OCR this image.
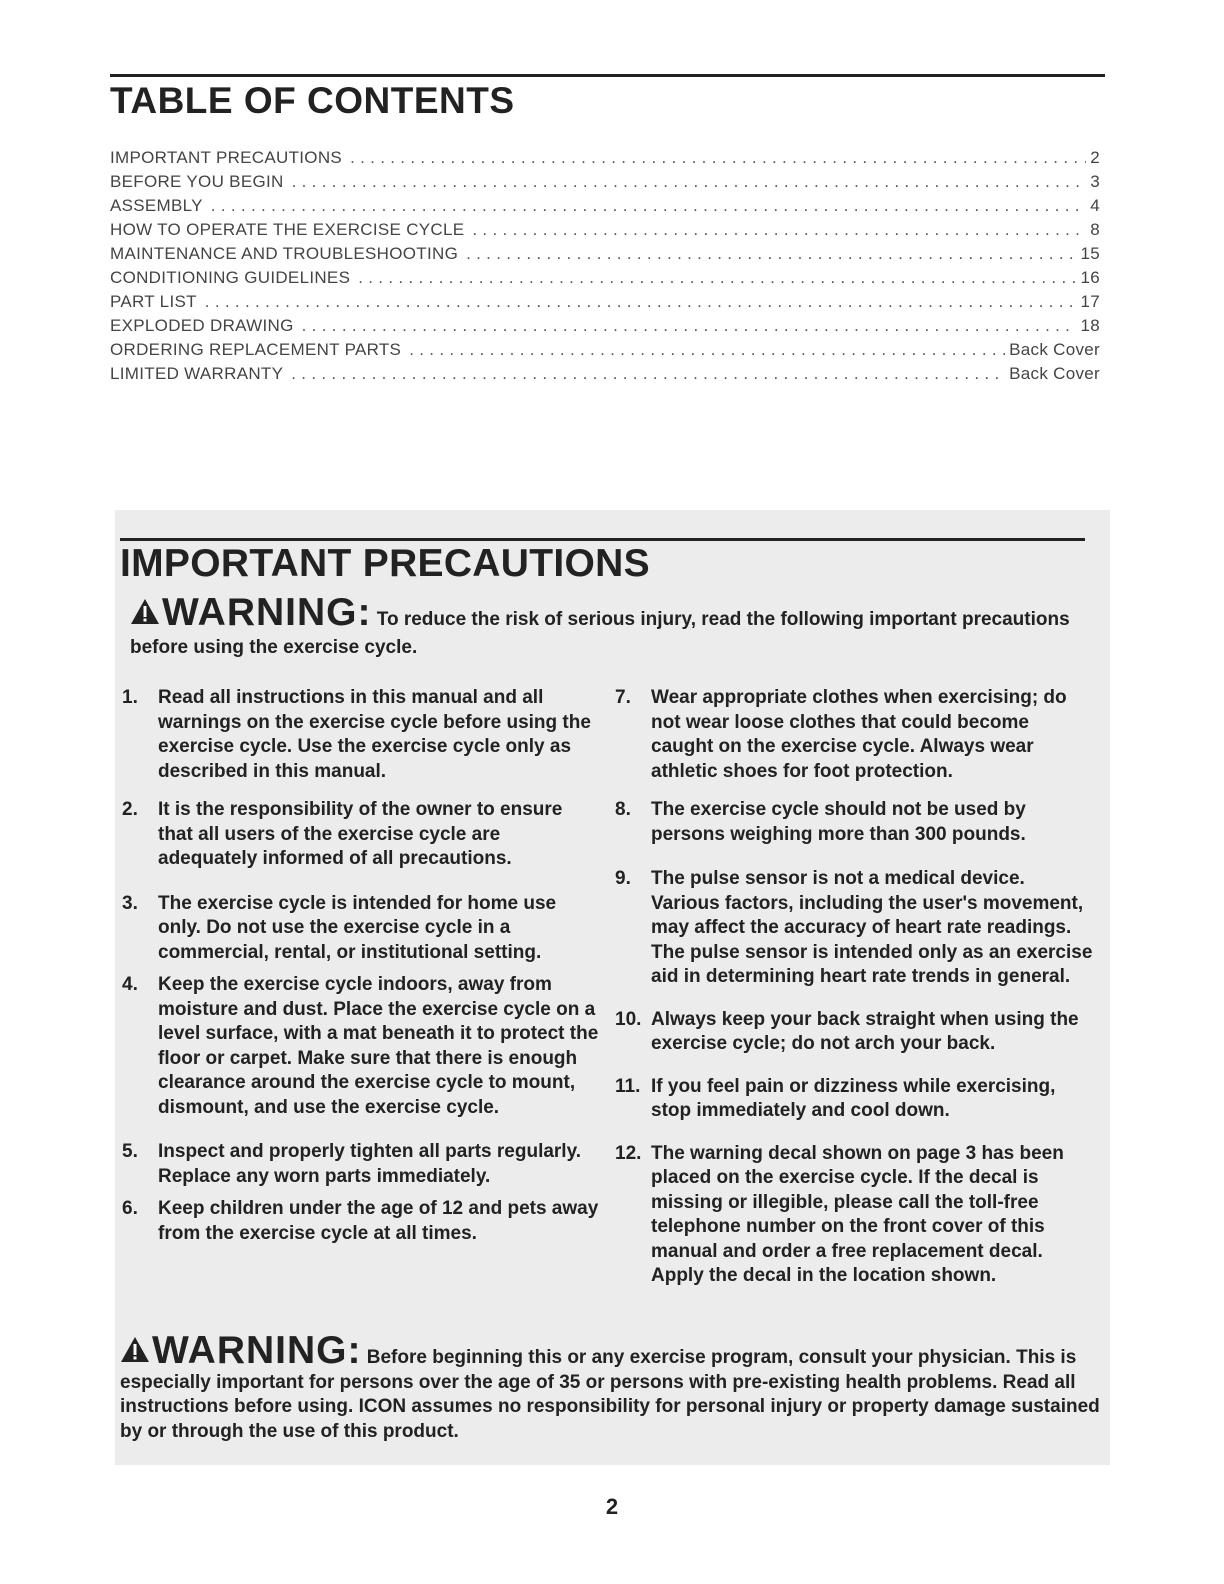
TABLE OF CONTENTS
IMPORTANT PRECAUTIONS . . .	2
BEFORE YOU BEGIN . . .	3
ASSEMBLY . . .	4
HOW TO OPERATE THE EXERCISE CYCLE . . .	8
MAINTENANCE AND TROUBLESHOOTING . . .	15
CONDITIONING GUIDELINES . . .	16
PART LIST . . .	17
EXPLODED DRAWING . . .	18
ORDERING REPLACEMENT PARTS . . .	Back Cover
LIMITED WARRANTY . . .	Back Cover
IMPORTANT PRECAUTIONS

WARNING: To reduce the risk of serious injury, read the following important precautions before using the exercise cycle.

1.	Read all instructions in this manual and all warnings on the exercise cycle before using the exercise cycle. Use the exercise cycle only as described in this manual.
2.	It is the responsibility of the owner to ensure that all users of the exercise cycle are adequately informed of all precautions.
3.	The exercise cycle is intended for home use only. Do not use the exercise cycle in a commercial, rental, or institutional setting.
4.	Keep the exercise cycle indoors, away from moisture and dust. Place the exercise cycle on a level surface, with a mat beneath it to protect the floor or carpet. Make sure that there is enough clearance around the exercise cycle to mount, dismount, and use the exercise cycle.
5.	Inspect and properly tighten all parts regularly. Replace any worn parts immediately.
6.	Keep children under the age of 12 and pets away from the exercise cycle at all times.
7.	Wear appropriate clothes when exercising; do not wear loose clothes that could become caught on the exercise cycle. Always wear athletic shoes for foot protection.
8.	The exercise cycle should not be used by persons weighing more than 300 pounds.
9.	The pulse sensor is not a medical device. Various factors, including the user's movement, may affect the accuracy of heart rate readings. The pulse sensor is intended only as an exercise aid in determining heart rate trends in general.
10. Always keep your back straight when using the exercise cycle; do not arch your back.
11. If you feel pain or dizziness while exercising, stop immediately and cool down.
12. The warning decal shown on page 3 has been placed on the exercise cycle. If the decal is missing or illegible, please call the toll-free telephone number on the front cover of this manual and order a free replacement decal. Apply the decal in the location shown.

WARNING: Before beginning this or any exercise program, consult your physician. This is especially important for persons over the age of 35 or persons with pre-existing health problems. Read all instructions before using. ICON assumes no responsibility for personal injury or property damage sustained by or through the use of this product.

2
